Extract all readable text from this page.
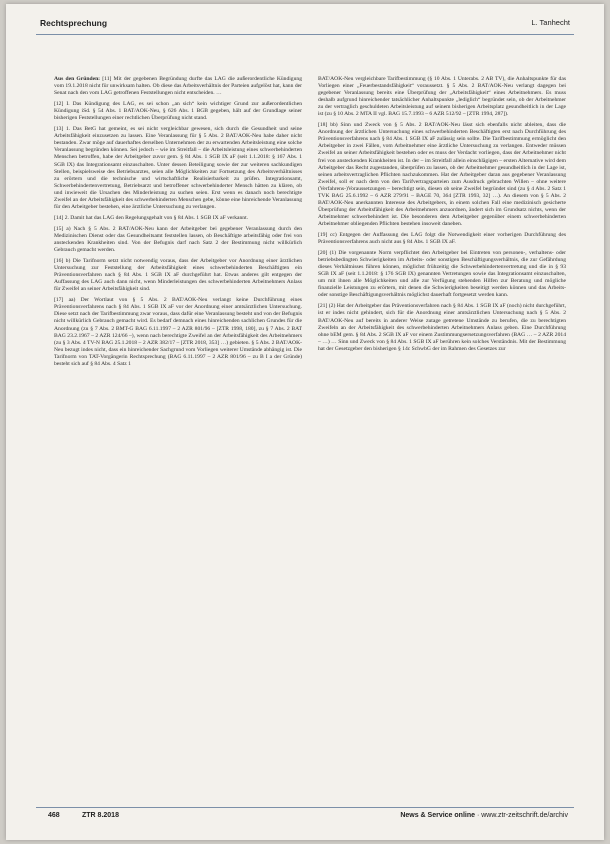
Rechtsprechung	L. Tanhecht

Aus den Gründen: [11] Mit der gegebenen Begründung durfte das LAG die außerordentliche Kündigung vom 19.1.2018 nicht für unwirksam halten. Ob diese das Arbeitsverhältnis der Parteien aufgelöst hat, kann der Senat nach den vom LAG getroffenen Feststellungen nicht entscheiden. …

[12] I. Das Kündigung des LAG, es sei schon „an sich“ kein wichtiger Grund zur außerordentlichen Kündigung iSd. § 54 Abs. 1 BAT/AOK-Neu, § 626 Abs. 1 BGB gegeben, hält auf der Grundlage seiner bisherigen Feststellungen einer rechtlichen Überprüfung nicht stand.

[13] 1. Das BetG hat gemeint, es sei nicht vergleichbar gewesen, sich durch die Gesundheit und seine Arbeitsfähigkeit einzusetzen zu lassen. Eine Veranlassung für § 5 Abs. 2 BAT/AOK-Neu habe daher nicht bestanden. Zwar möge auf dauerhaftes derselben Unternehmen der zu erwartenden Arbeitsleistung eine solche Veranlassung begründen können. Sei jedoch – wie im Streitfall – die Arbeitsleistung eines schwerbehinderten Menschen betroffen, habe der Arbeitgeber zuvor gem. § 84 Abs. 1 SGB IX aF (seit 1.1.2018: § 167 Abs. 1 SGB IX) das Integrationsamt einzuschalten. Unter dessen Beteiligung sowie der zur weiteren sachkundigen Stellen, beispielsweise des Betriebsarztes, seien alle Möglichkeiten zur Fortsetzung des Arbeitsverhältnisses zu erörtern und die technische und wirtschaftliche Realisierbarkeit zu prüfen. Integrationsamt, Schwerbehindertenvertretung, Betriebsarzt und betroffener schwerbehinderter Mensch hätten zu klären, ob und inwieweit die Ursachen des Minderleistung zu suchen seien. Erst wenn es danach noch berechtigte Zweifel an der Arbeitsfähigkeit des schwerbehinderten Menschen gebe, könne eine hinreichende Veranlassung für den Arbeitgeber bestehen, eine ärztliche Untersuchung zu verlangen.

[14] 2. Damit hat das LAG den Regelungsgehalt von § 84 Abs. 1 SGB IX aF verkannt.

[15] a) Nach § 5 Abs. 2 BAT/AOK-Neu kann der Arbeitgeber bei gegebener Veranlassung durch den Medizinischen Dienst oder das Gesundheitsamt feststellen lassen, ob Beschäftigte arbeitsfähig oder frei von ansteckenden Krankheiten sind. Von der Befugnis darf nach Satz 2 der Bestimmung nicht willkürlich Gebrauch gemacht werden.

[16] b) Die Tarifnorm setzt nicht notwendig voraus, dass der Arbeitgeber vor Anordnung einer ärztlichen Untersuchung zur Feststellung der Arbeitsfähigkeit eines schwerbehinderten Beschäftigten ein Präventionsverfahren nach § 84 Abs. 1 SGB IX aF durchgeführt hat. Etwas anderes gilt entgegen der Auffassung des LAG auch dann nicht, wenn Minderleistungen des schwerbehinderten Arbeitnehmers Anlass für Zweifel an seiner Arbeitsfähigkeit sind.

[17] aa) Der Wortlaut von § 5 Abs. 2 BAT/AOK-Neu verlangt keine Durchführung eines Präventionsverfahrens nach § 84 Abs. 1 SGB IX aF vor der Anordnung einer amtsärztlichen Untersuchung. Diese setzt nach der Tarifbestimmung zwar voraus, dass dafür eine Veranlassung besteht und von der Befugnis nicht willkürlich Gebrauch gemacht wird. Es bedarf demnach eines hinreichenden sachlichen Grundes für die Anordnung (zu § 7 Abs. 2 BMT-G BAG 6.11.1997 – 2 AZR 801/96 – [ZTR 1998, 180], zu § 7 Abs. 2 BAT BAG 23.2.1967 – 2 AZR 124/66 –), wenn nach berechtigte Zweifel an der Arbeitsfähigkeit des Arbeitnehmers (zu § 3 Abs. 4 TV-N BAG 25.1.2018 – 2 AZR 382/17 – [ZTR 2018, 353] …) gebieten. § 5 Abs. 2 BAT/AOK-Neu bezugt indes nicht, dass ein hinreichender Sachgrund vom Vorliegen weiterer Umstände abhängig ist. Die Tarifnorm von TAT-Vorgängerin Rechtsprechung (BAG 6.11.1997 – 2 AZR 801/96 – zu B I a der Gründe) besteht sich auf § 84 Abs. 4 Satz 1

BAT/AOK-Neu vergleichbare Tarifbestimmung (§ 10 Abs. 1 Unterabs. 2 AB TV), die Anhaltspunkte für das Vorliegen einer „Feuerbestandsfähigkeit“ voraussetzt. § 5 Abs. 2 BAT/AOK-Neu verlangt dagegen bei gegebener Veranlassung bereits eine Überprüfung der „Arbeitsfähigkeit“ eines Arbeitnehmers. Es muss deshalb aufgrund hinreichender tatsächlicher Anhaltspunkte „lediglich“ begründet sein, ob der Arbeitnehmer zu der vertraglich geschuldeten Arbeitsleistung auf seinem bisherigen Arbeitsplatz gesundheitlich in der Lage ist (zu § 10 Abs. 2 MTA II vgl. BAG 15.7.1993 – 6 AZR 512/92 – [ZTR 1994, 287]).

[18] bb) Sinn und Zweck von § 5 Abs. 2 BAT/AOK-Neu lässt sich ebenfalls nicht ableiten, dass die Anordnung der ärztlichen Untersuchung eines schwerbehinderten Beschäftigten erst nach Durchführung des Präventionsverfahrens nach § 84 Abs. 1 SGB IX aF zulässig sein sollte. Die Tarifbestimmung ermöglicht den Arbeitgeber in zwei Fällen, vom Arbeitnehmer eine ärztliche Untersuchung zu verlangen. Entweder müssen Zweifel an seiner Arbeitsfähigkeit bestehen oder es muss der Verdacht vorliegen, dass der Arbeitnehmer nicht frei von ansteckenden Krankheiten ist. In der – im Streitfall allein einschlägigen – ersten Alternative wird dem Arbeitgeber das Recht zugestanden, überprüfen zu lassen, ob der Arbeitnehmer gesundheitlich in der Lage ist, seinen arbeitsvertraglichen Pflichten nachzukommen. Hat der Arbeitgeber daran aus gegebener Veranlassung Zweifel, soll er nach dem von den Tarifvertragsparteien zum Ausdruck gebrachten Willen – ohne weitere (Verfahrens-)Voraussetzungen – berechtigt sein, diesen ob seine Zweifel begründet sind (zu § 4 Abs. 2 Satz 1 TVK BAG 25.6.1992 – 6 AZR 279/91 – BAGE 70, 364 [ZTR 1993, 32] …). An diesem von § 5 Abs. 2 BAT/AOK-Neu anerkannten Interesse des Arbeitgebers, in einem solchen Fall eine medizinisch gesicherte Überprüfung der Arbeitsfähigkeit des Arbeitnehmers anzuordnen, ändert sich im Grundsatz nichts, wenn der Arbeitnehmer schwerbehindert ist. Die besonderen dem Arbeitgeber gegenüber einem schwerbehinderten Arbeitnehmer obliegenden Pflichten bestehen insoweit daneben.

[19] cc) Entgegen der Auffassung des LAG folgt die Notwendigkeit einer vorherigen Durchführung des Präventionsverfahrens auch nicht aus § 84 Abs. 1 SGB IX aF.

[20] (1) Die vorgenannte Norm verpflichtet den Arbeitgeber bei Eintreten von personen-, verhaltens- oder betriebsbedingten Schwierigkeiten im Arbeits- oder sonstigen Beschäftigungsverhältnis, die zur Gefährdung dieses Verhältnisses führen können, möglichst frühzeitig die Schwerbehindertenvertretung und die in § 93 SGB IX aF (seit 1.1.2018: § 176 SGB IX) genannten Vertretungen sowie das Integrationsamt einzuschalten, um mit ihnen alle Möglichkeiten und alle zur Verfügung stehenden Hilfen zur Beratung und mögliche finanzielle Leistungen zu erörtern, mit denen die Schwierigkeiten beseitigt werden können und das Arbeits- oder sonstige Beschäftigungsverhältnis möglichst dauerhaft fortgesetzt werden kann.

[21] (2) Hat der Arbeitgeber das Präventionsverfahren nach § 84 Abs. 1 SGB IX aF (noch) nicht durchgeführt, ist er indes nicht gehindert, sich für die Anordnung einer amtsärztlichen Untersuchung nach § 5 Abs. 2 BAT/AOK-Neu auf bereits in anderer Weise zutage getretene Umstände zu berufen, die zu berechtigten Zweifeln an der Arbeitsfähigkeit des schwerbehinderten Arbeitnehmers Anlass geben. Eine Durchführung ohne bEM gem. § 84 Abs. 2 SGB IX aF vor einem Zustimmungsersetzungsverfahren (BAG … – 2 AZR 2014 – …) … Sinn und Zweck von § 84 Abs. 1 SGB IX aF berühren kein solches Verständnis. Mit der Bestimmung hat der Gesetzgeber den bisherigen § 14c SchwbG der im Rahmen des Gesetzes zur

468	ZTR 8.2018	News & Service online · www.ztr-zeitschrift.de/archiv
